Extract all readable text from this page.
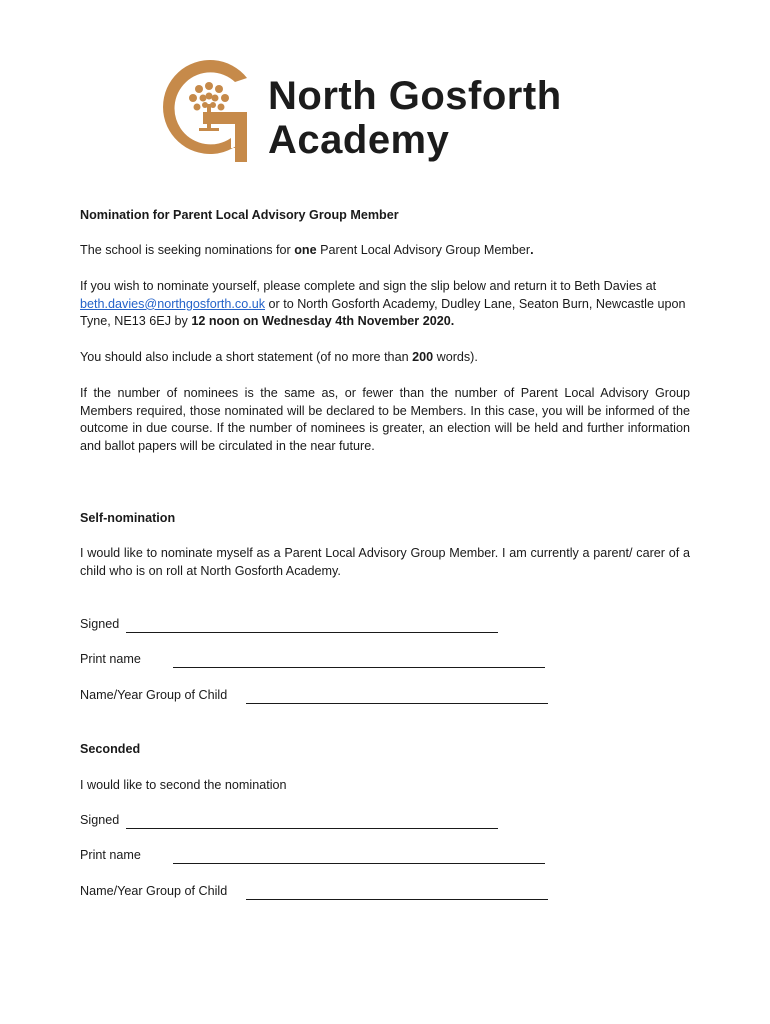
North Gosforth
Academy

Nomination for Parent Local Advisory Group Member

The school is seeking nominations for one Parent Local Advisory Group Member.

If you wish to nominate yourself, please complete and sign the slip below and return it to Beth Davies at beth.davies@northgosforth.co.uk or to North Gosforth Academy, Dudley Lane, Seaton Burn, Newcastle upon Tyne, NE13 6EJ by 12 noon on Wednesday 4th November 2020.

You should also include a short statement (of no more than 200 words).

If the number of nominees is the same as, or fewer than the number of Parent Local Advisory Group Members required, those nominated will be declared to be Members. In this case, you will be informed of the outcome in due course. If the number of nominees is greater, an election will be held and further information and ballot papers will be circulated in the near future.

Self-nomination

I would like to nominate myself as a Parent Local Advisory Group Member. I am currently a parent/ carer of a child who is on roll at North Gosforth Academy.

Signed
Print name
Name/Year Group of Child

Seconded

I would like to second the nomination

Signed
Print name
Name/Year Group of Child
